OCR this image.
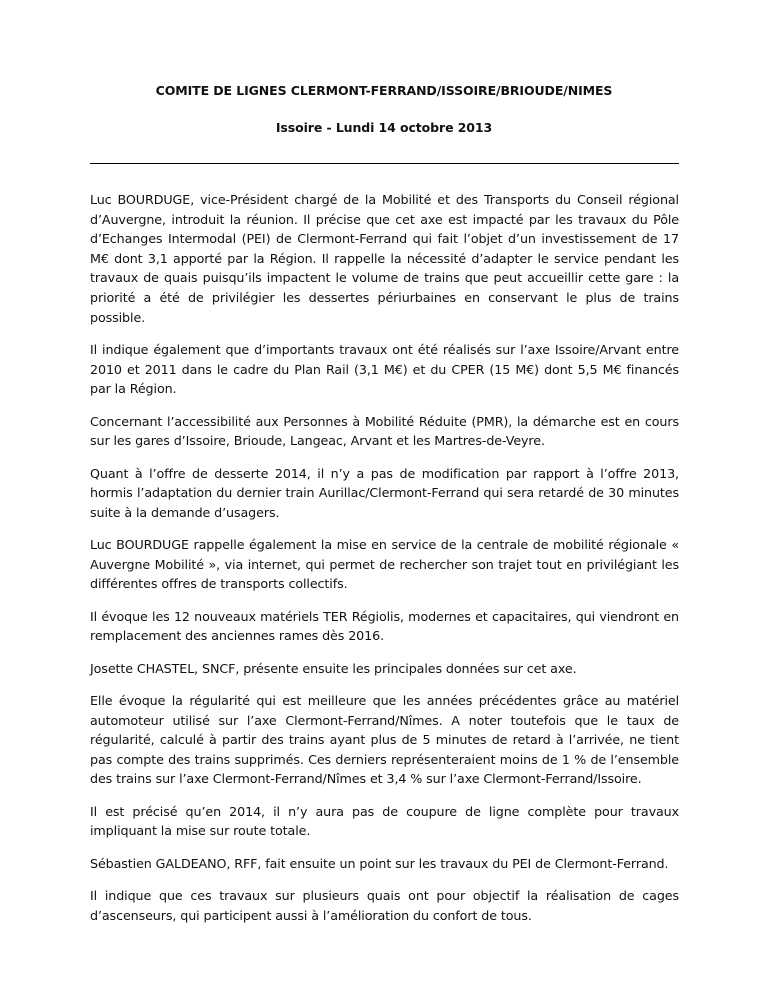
COMITE DE LIGNES CLERMONT-FERRAND/ISSOIRE/BRIOUDE/NIMES
Issoire - Lundi 14 octobre 2013

Luc BOURDUGE, vice-Président chargé de la Mobilité et des Transports du Conseil régional d’Auvergne, introduit la réunion. Il précise que cet axe est impacté par les travaux du Pôle d’Echanges Intermodal (PEI) de Clermont-Ferrand qui fait l’objet d’un investissement de 17 M€ dont 3,1 apporté par la Région. Il rappelle la nécessité d’adapter le service pendant les travaux de quais puisqu’ils impactent le volume de trains que peut accueillir cette gare : la priorité a été de privilégier les dessertes périurbaines en conservant le plus de trains possible.

Il indique également que d’importants travaux ont été réalisés sur l’axe Issoire/Arvant entre 2010 et 2011 dans le cadre du Plan Rail (3,1 M€) et du CPER (15 M€) dont 5,5 M€ financés par la Région.

Concernant l’accessibilité aux Personnes à Mobilité Réduite (PMR), la démarche est en cours sur les gares d’Issoire, Brioude, Langeac, Arvant et les Martres-de-Veyre.

Quant à l’offre de desserte 2014, il n’y a pas de modification par rapport à l’offre 2013, hormis l’adaptation du dernier train Aurillac/Clermont-Ferrand qui sera retardé de 30 minutes suite à la demande d’usagers.

Luc BOURDUGE rappelle également la mise en service de la centrale de mobilité régionale « Auvergne Mobilité », via internet, qui permet de rechercher son trajet tout en privilégiant les différentes offres de transports collectifs.

Il évoque les 12 nouveaux matériels TER Régiolis, modernes et capacitaires, qui viendront en remplacement des anciennes rames dès 2016.

Josette CHASTEL, SNCF, présente ensuite les principales données sur cet axe.

Elle évoque la régularité qui est meilleure que les années précédentes grâce au matériel automoteur utilisé sur l’axe Clermont-Ferrand/Nîmes. A noter toutefois que le taux de régularité, calculé à partir des trains ayant plus de 5 minutes de retard à l’arrivée, ne tient pas compte des trains supprimés. Ces derniers représenteraient moins de 1 % de l’ensemble des trains sur l’axe Clermont-Ferrand/Nîmes et 3,4 % sur l’axe Clermont-Ferrand/Issoire.

Il est précisé qu’en 2014, il n’y aura pas de coupure de ligne complète pour travaux impliquant la mise sur route totale.

Sébastien GALDEANO, RFF, fait ensuite un point sur les travaux du PEI de Clermont-Ferrand.

Il indique que ces travaux sur plusieurs quais ont pour objectif la réalisation de cages d’ascenseurs, qui participent aussi à l’amélioration du confort de tous.
